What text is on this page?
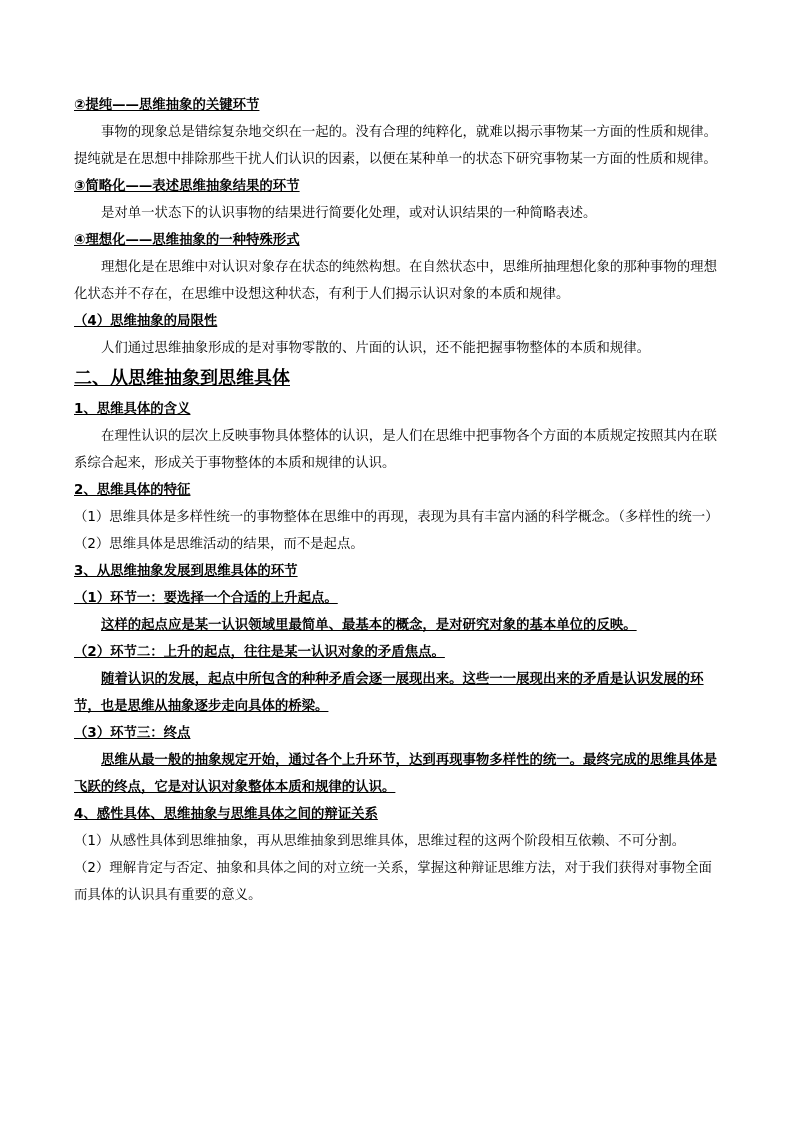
②提纯——思维抽象的关键环节
事物的现象总是错综复杂地交织在一起的。没有合理的纯粹化，就难以揭示事物某一方面的性质和规律。提纯就是在思想中排除那些干扰人们认识的因素，以便在某种单一的状态下研究事物某一方面的性质和规律。
③简略化——表述思维抽象结果的环节
是对单一状态下的认识事物的结果进行简要化处理，或对认识结果的一种简略表述。
④理想化——思维抽象的一种特殊形式
理想化是在思维中对认识对象存在状态的纯然构想。在自然状态中，思维所抽理想化象的那种事物的理想化状态并不存在，在思维中设想这种状态，有利于人们揭示认识对象的本质和规律。
（4）思维抽象的局限性
人们通过思维抽象形成的是对事物零散的、片面的认识，还不能把握事物整体的本质和规律。
二、从思维抽象到思维具体
1、思维具体的含义
在理性认识的层次上反映事物具体整体的认识，是人们在思维中把事物各个方面的本质规定按照其内在联系综合起来，形成关于事物整体的本质和规律的认识。
2、思维具体的特征
（1）思维具体是多样性统一的事物整体在思维中的再现，表现为具有丰富内涵的科学概念。（多样性的统一）
（2）思维具体是思维活动的结果，而不是起点。
3、从思维抽象发展到思维具体的环节
（1）环节一：要选择一个合适的上升起点。
这样的起点应是某一认识领域里最简单、最基本的概念，是对研究对象的基本单位的反映。
（2）环节二：上升的起点，往往是某一认识对象的矛盾焦点。
随着认识的发展，起点中所包含的种种矛盾会逐一展现出来。这些一一展现出来的矛盾是认识发展的环节，也是思维从抽象逐步走向具体的桥梁。
（3）环节三：终点
思维从最一般的抽象规定开始，通过各个上升环节，达到再现事物多样性的统一。最终完成的思维具体是飞跃的终点，它是对认识对象整体本质和规律的认识。
4、感性具体、思维抽象与思维具体之间的辩证关系
（1）从感性具体到思维抽象，再从思维抽象到思维具体，思维过程的这两个阶段相互依赖、不可分割。
（2）理解肯定与否定、抽象和具体之间的对立统一关系，掌握这种辩证思维方法，对于我们获得对事物全面而具体的认识具有重要的意义。
